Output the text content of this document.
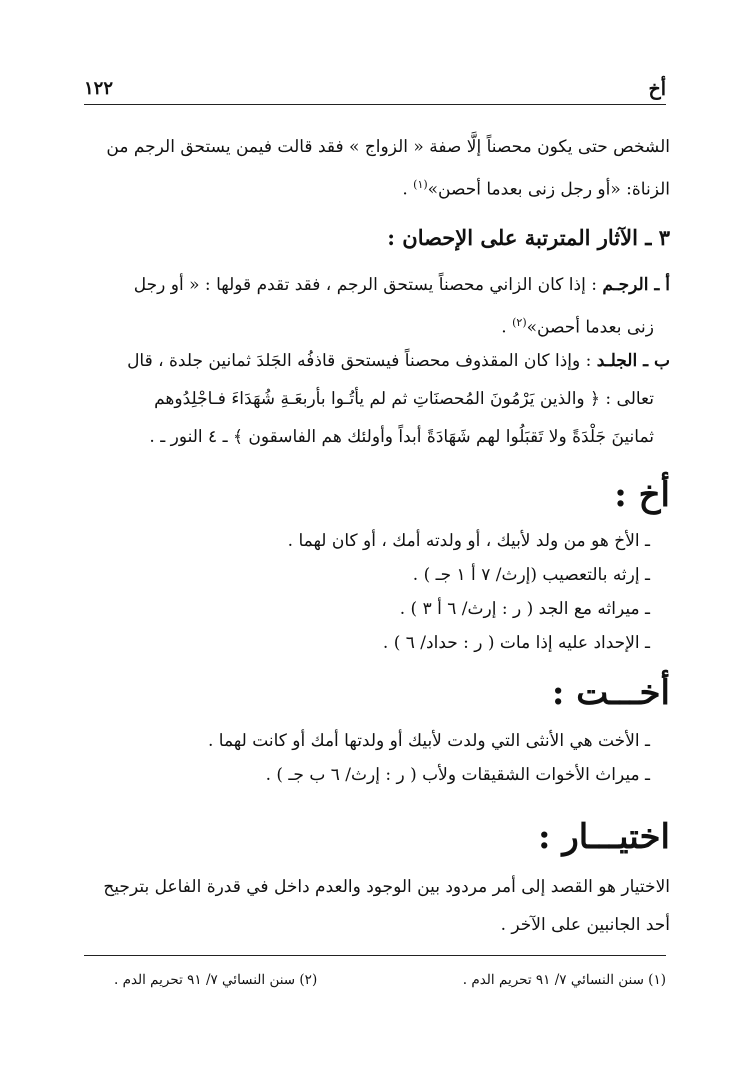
أخ
١٢٢

الشخص حتى يكون محصناً إلَّا صفة « الزواج » فقد قالت فيمن يستحق الرجم من

الزناة: «أو رجل زنى بعدما أحصن»$^{(١)}$ .

٣ ـ الآثار المترتبة على الإحصان :

أ ـ الرجـم : إذا كان الزاني محصناً يستحق الرجم ، فقد تقدم قولها : « أو رجل

زنى بعدما أحصن»$^{(٢)}$ .

ب ـ الجلـد : وإذا كان المقذوف محصناً فيستحق قاذفُه الجَلدَ ثمانين جلدة ، قال

تعالى : ﴿ والذين يَرْمُونَ المُحصنَاتِ ثم لم يأتُـوا بأربعَـةِ شُهَدَاءَ فـاجْلِدُوهم

ثمانينَ جَلْدَةً ولا تَقبَلُوا لهم شَهَادَةً أبداً وأولئك هم الفاسقون ﴾ ـ ٤ النور ـ .

أخ :
ـ الأخ هو من ولد لأبيك ، أو ولدته أمك ، أو كان لهما .
ـ إرثه بالتعصيب (إرث/ ٧ أ ١ جـ ) .
ـ ميراثه مع الجد ( ر : إرث/ ٦ أ ٣ ) .
ـ الإحداد عليه إذا مات ( ر : حداد/ ٦ ) .
أخـــت :
ـ الأخت هي الأنثى التي ولدت لأبيك أو ولدتها أمك أو كانت لهما .
ـ ميراث الأخوات الشقيقات ولأب ( ر : إرث/ ٦ ب جـ ) .
اختيـــار :

الاختيار هو القصد إلى أمر مردود بين الوجود والعدم داخل في قدرة الفاعل بترجيح

أحد الجانبين على الآخر .

(١) سنن النسائي ٧/ ٩١ تحريم الدم .
(٢) سنن النسائي ٧/ ٩١ تحريم الدم .
